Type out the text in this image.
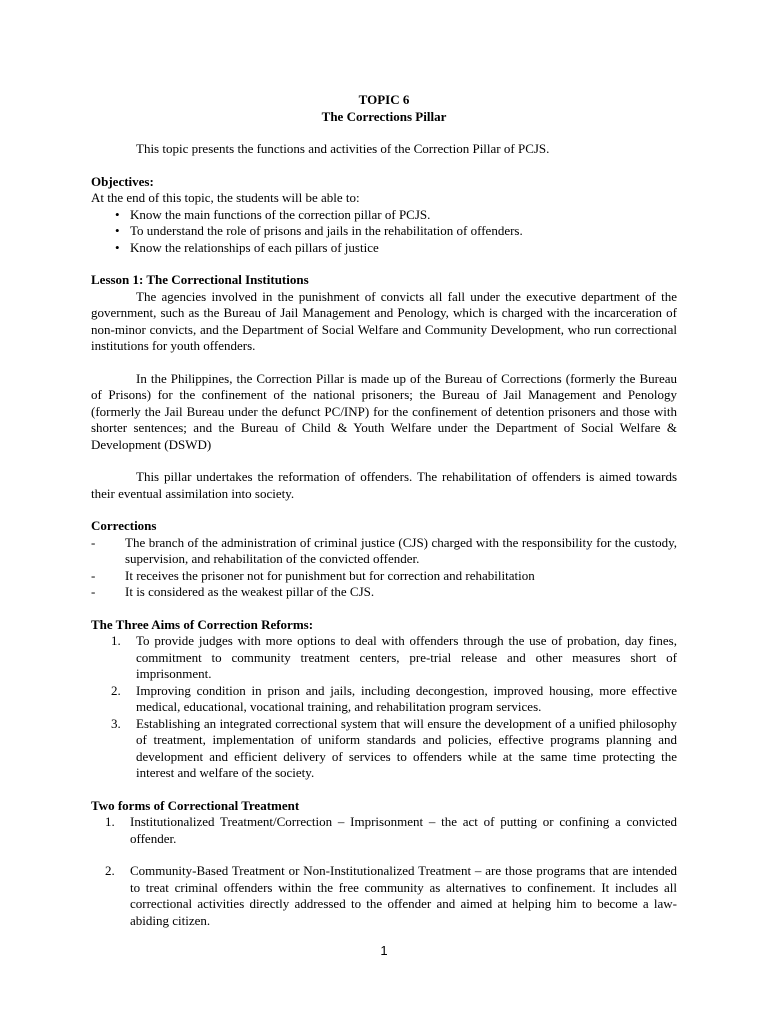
TOPIC 6

The Corrections Pillar

This topic presents the functions and activities of the Correction Pillar of PCJS.

Objectives:

At the end of this topic, the students will be able to:

• Know the main functions of the correction pillar of PCJS.
• To understand the role of prisons and jails in the rehabilitation of offenders.
• Know the relationships of each pillars of justice

Lesson 1: The Correctional Institutions

The agencies involved in the punishment of convicts all fall under the executive department of the government, such as the Bureau of Jail Management and Penology, which is charged with the incarceration of non-minor convicts, and the Department of Social Welfare and Community Development, who run correctional institutions for youth offenders.

In the Philippines, the Correction Pillar is made up of the Bureau of Corrections (formerly the Bureau of Prisons) for the confinement of the national prisoners; the Bureau of Jail Management and Penology (formerly the Jail Bureau under the defunct PC/INP) for the confinement of detention prisoners and those with shorter sentences; and the Bureau of Child & Youth Welfare under the Department of Social Welfare & Development (DSWD)

This pillar undertakes the reformation of offenders. The rehabilitation of offenders is aimed towards their eventual assimilation into society.

Corrections

- The branch of the administration of criminal justice (CJS) charged with the responsibility for the custody, supervision, and rehabilitation of the convicted offender.
- It receives the prisoner not for punishment but for correction and rehabilitation
- It is considered as the weakest pillar of the CJS.

The Three Aims of Correction Reforms:

1. To provide judges with more options to deal with offenders through the use of probation, day fines, commitment to community treatment centers, pre-trial release and other measures short of imprisonment.
2. Improving condition in prison and jails, including decongestion, improved housing, more effective medical, educational, vocational training, and rehabilitation program services.
3. Establishing an integrated correctional system that will ensure the development of a unified philosophy of treatment, implementation of uniform standards and policies, effective programs planning and development and efficient delivery of services to offenders while at the same time protecting the interest and welfare of the society.

Two forms of Correctional Treatment

1. Institutionalized Treatment/Correction – Imprisonment – the act of putting or confining a convicted offender.
2. Community-Based Treatment or Non-Institutionalized Treatment – are those programs that are intended to treat criminal offenders within the free community as alternatives to confinement. It includes all correctional activities directly addressed to the offender and aimed at helping him to become a law-abiding citizen.
1
